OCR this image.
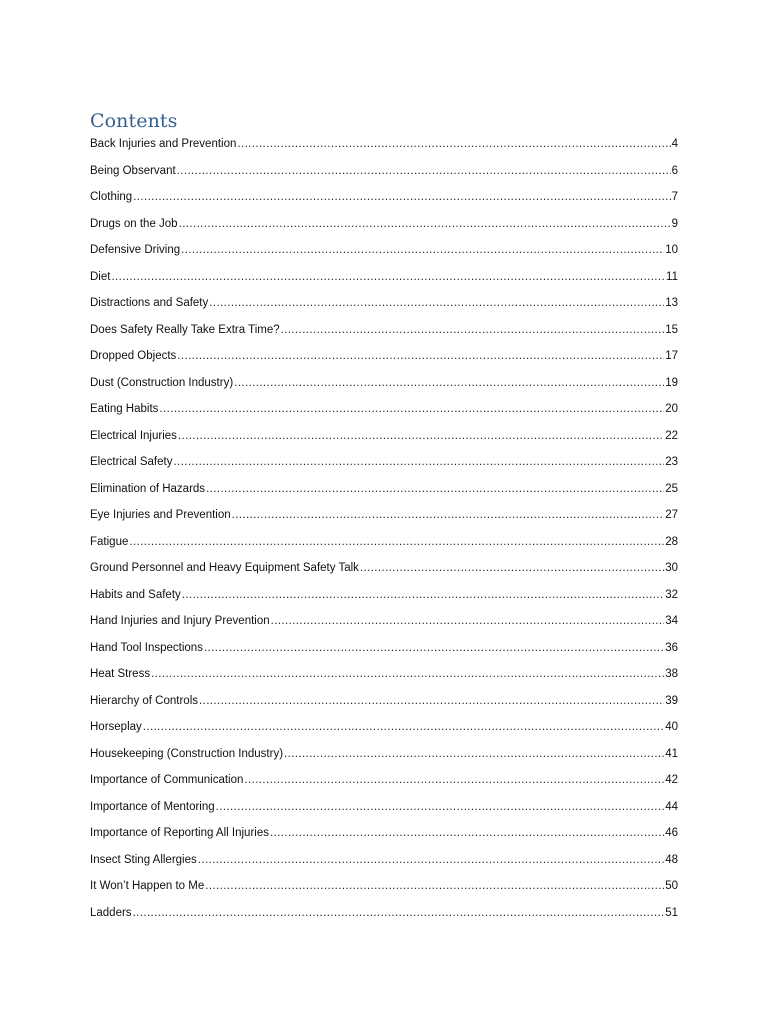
Contents
Back Injuries and Prevention .....	4
Being Observant .....	6
Clothing .....	7
Drugs on the Job .....	9
Defensive Driving .....	10
Diet .....	11
Distractions and Safety .....	13
Does Safety Really Take Extra Time? .....	15
Dropped Objects .....	17
Dust (Construction Industry) .....	19
Eating Habits .....	20
Electrical Injuries .....	22
Electrical Safety .....	23
Elimination of Hazards .....	25
Eye Injuries and Prevention .....	27
Fatigue .....	28
Ground Personnel and Heavy Equipment Safety Talk .....	30
Habits and Safety .....	32
Hand Injuries and Injury Prevention .....	34
Hand Tool Inspections .....	36
Heat Stress .....	38
Hierarchy of Controls .....	39
Horseplay .....	40
Housekeeping (Construction Industry) .....	41
Importance of Communication .....	42
Importance of Mentoring .....	44
Importance of Reporting All Injuries .....	46
Insect Sting Allergies .....	48
It Won’t Happen to Me .....	50
Ladders .....	51
